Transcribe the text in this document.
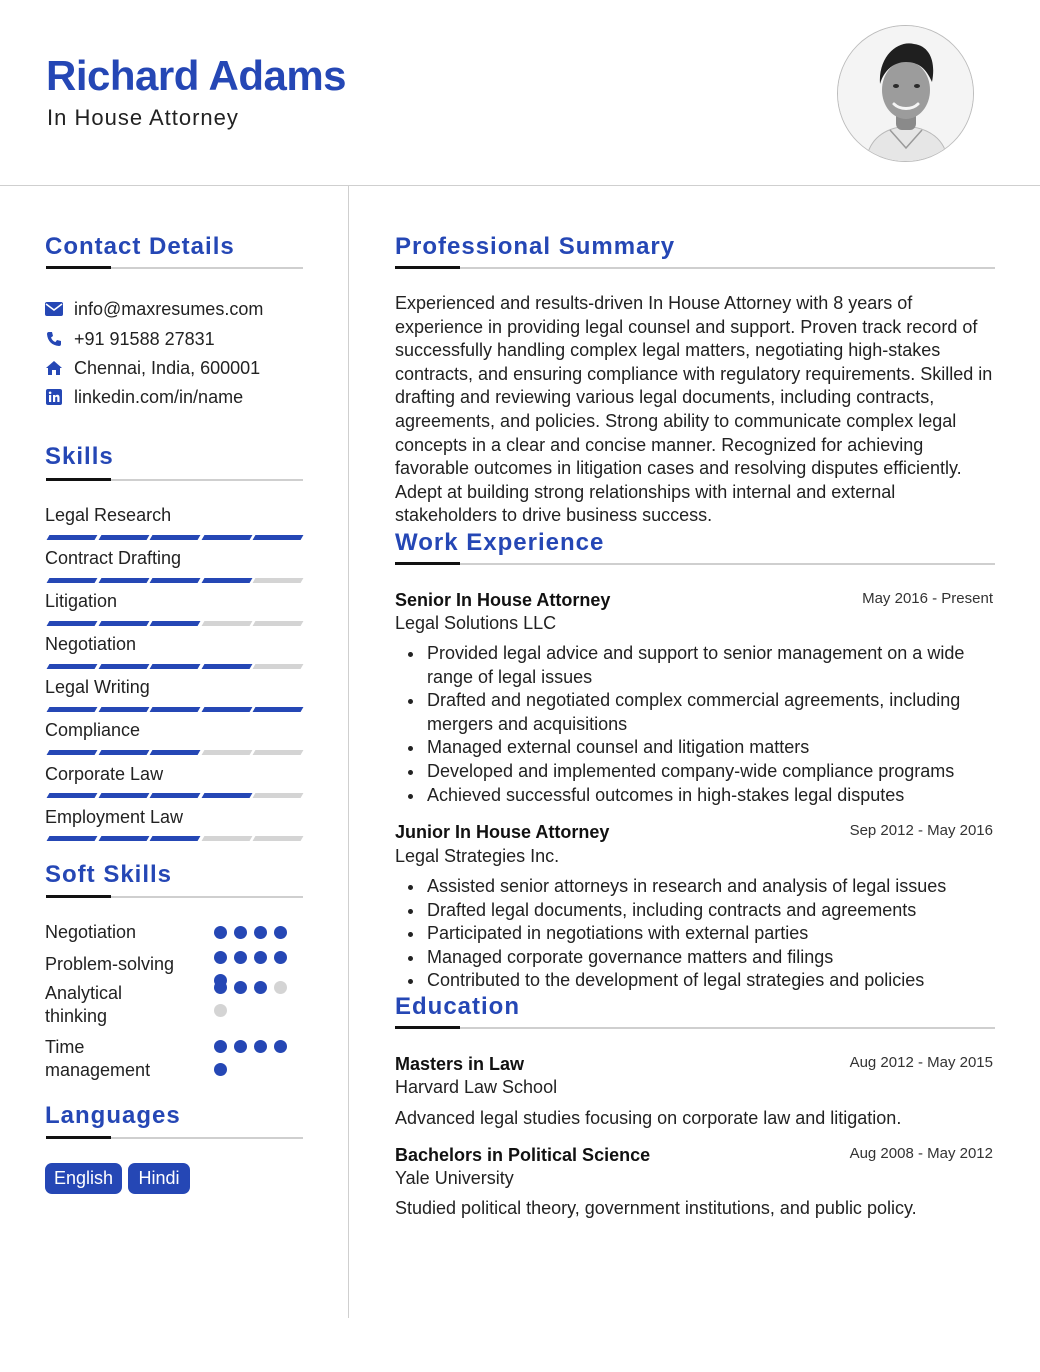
Richard Adams
In House Attorney
Contact Details
info@maxresumes.com
+91 91588 27831
Chennai, India, 600001
linkedin.com/in/name
Skills
Legal Research
Contract Drafting
Litigation
Negotiation
Legal Writing
Compliance
Corporate Law
Employment Law
Soft Skills
Negotiation
Problem-solving
Analytical thinking
Time management
Languages
English	Hindi
Professional Summary
Experienced and results-driven In House Attorney with 8 years of experience in providing legal counsel and support. Proven track record of successfully handling complex legal matters, negotiating high-stakes contracts, and ensuring compliance with regulatory requirements. Skilled in drafting and reviewing various legal documents, including contracts, agreements, and policies. Strong ability to communicate complex legal concepts in a clear and concise manner. Recognized for achieving favorable outcomes in litigation cases and resolving disputes efficiently. Adept at building strong relationships with internal and external stakeholders to drive business success.
Work Experience
Senior In House Attorney	May 2016 - Present
Legal Solutions LLC
Provided legal advice and support to senior management on a wide range of legal issues
Drafted and negotiated complex commercial agreements, including mergers and acquisitions
Managed external counsel and litigation matters
Developed and implemented company-wide compliance programs
Achieved successful outcomes in high-stakes legal disputes
Junior In House Attorney	Sep 2012 - May 2016
Legal Strategies Inc.
Assisted senior attorneys in research and analysis of legal issues
Drafted legal documents, including contracts and agreements
Participated in negotiations with external parties
Managed corporate governance matters and filings
Contributed to the development of legal strategies and policies
Education
Masters in Law	Aug 2012 - May 2015
Harvard Law School
Advanced legal studies focusing on corporate law and litigation.
Bachelors in Political Science	Aug 2008 - May 2012
Yale University
Studied political theory, government institutions, and public policy.
